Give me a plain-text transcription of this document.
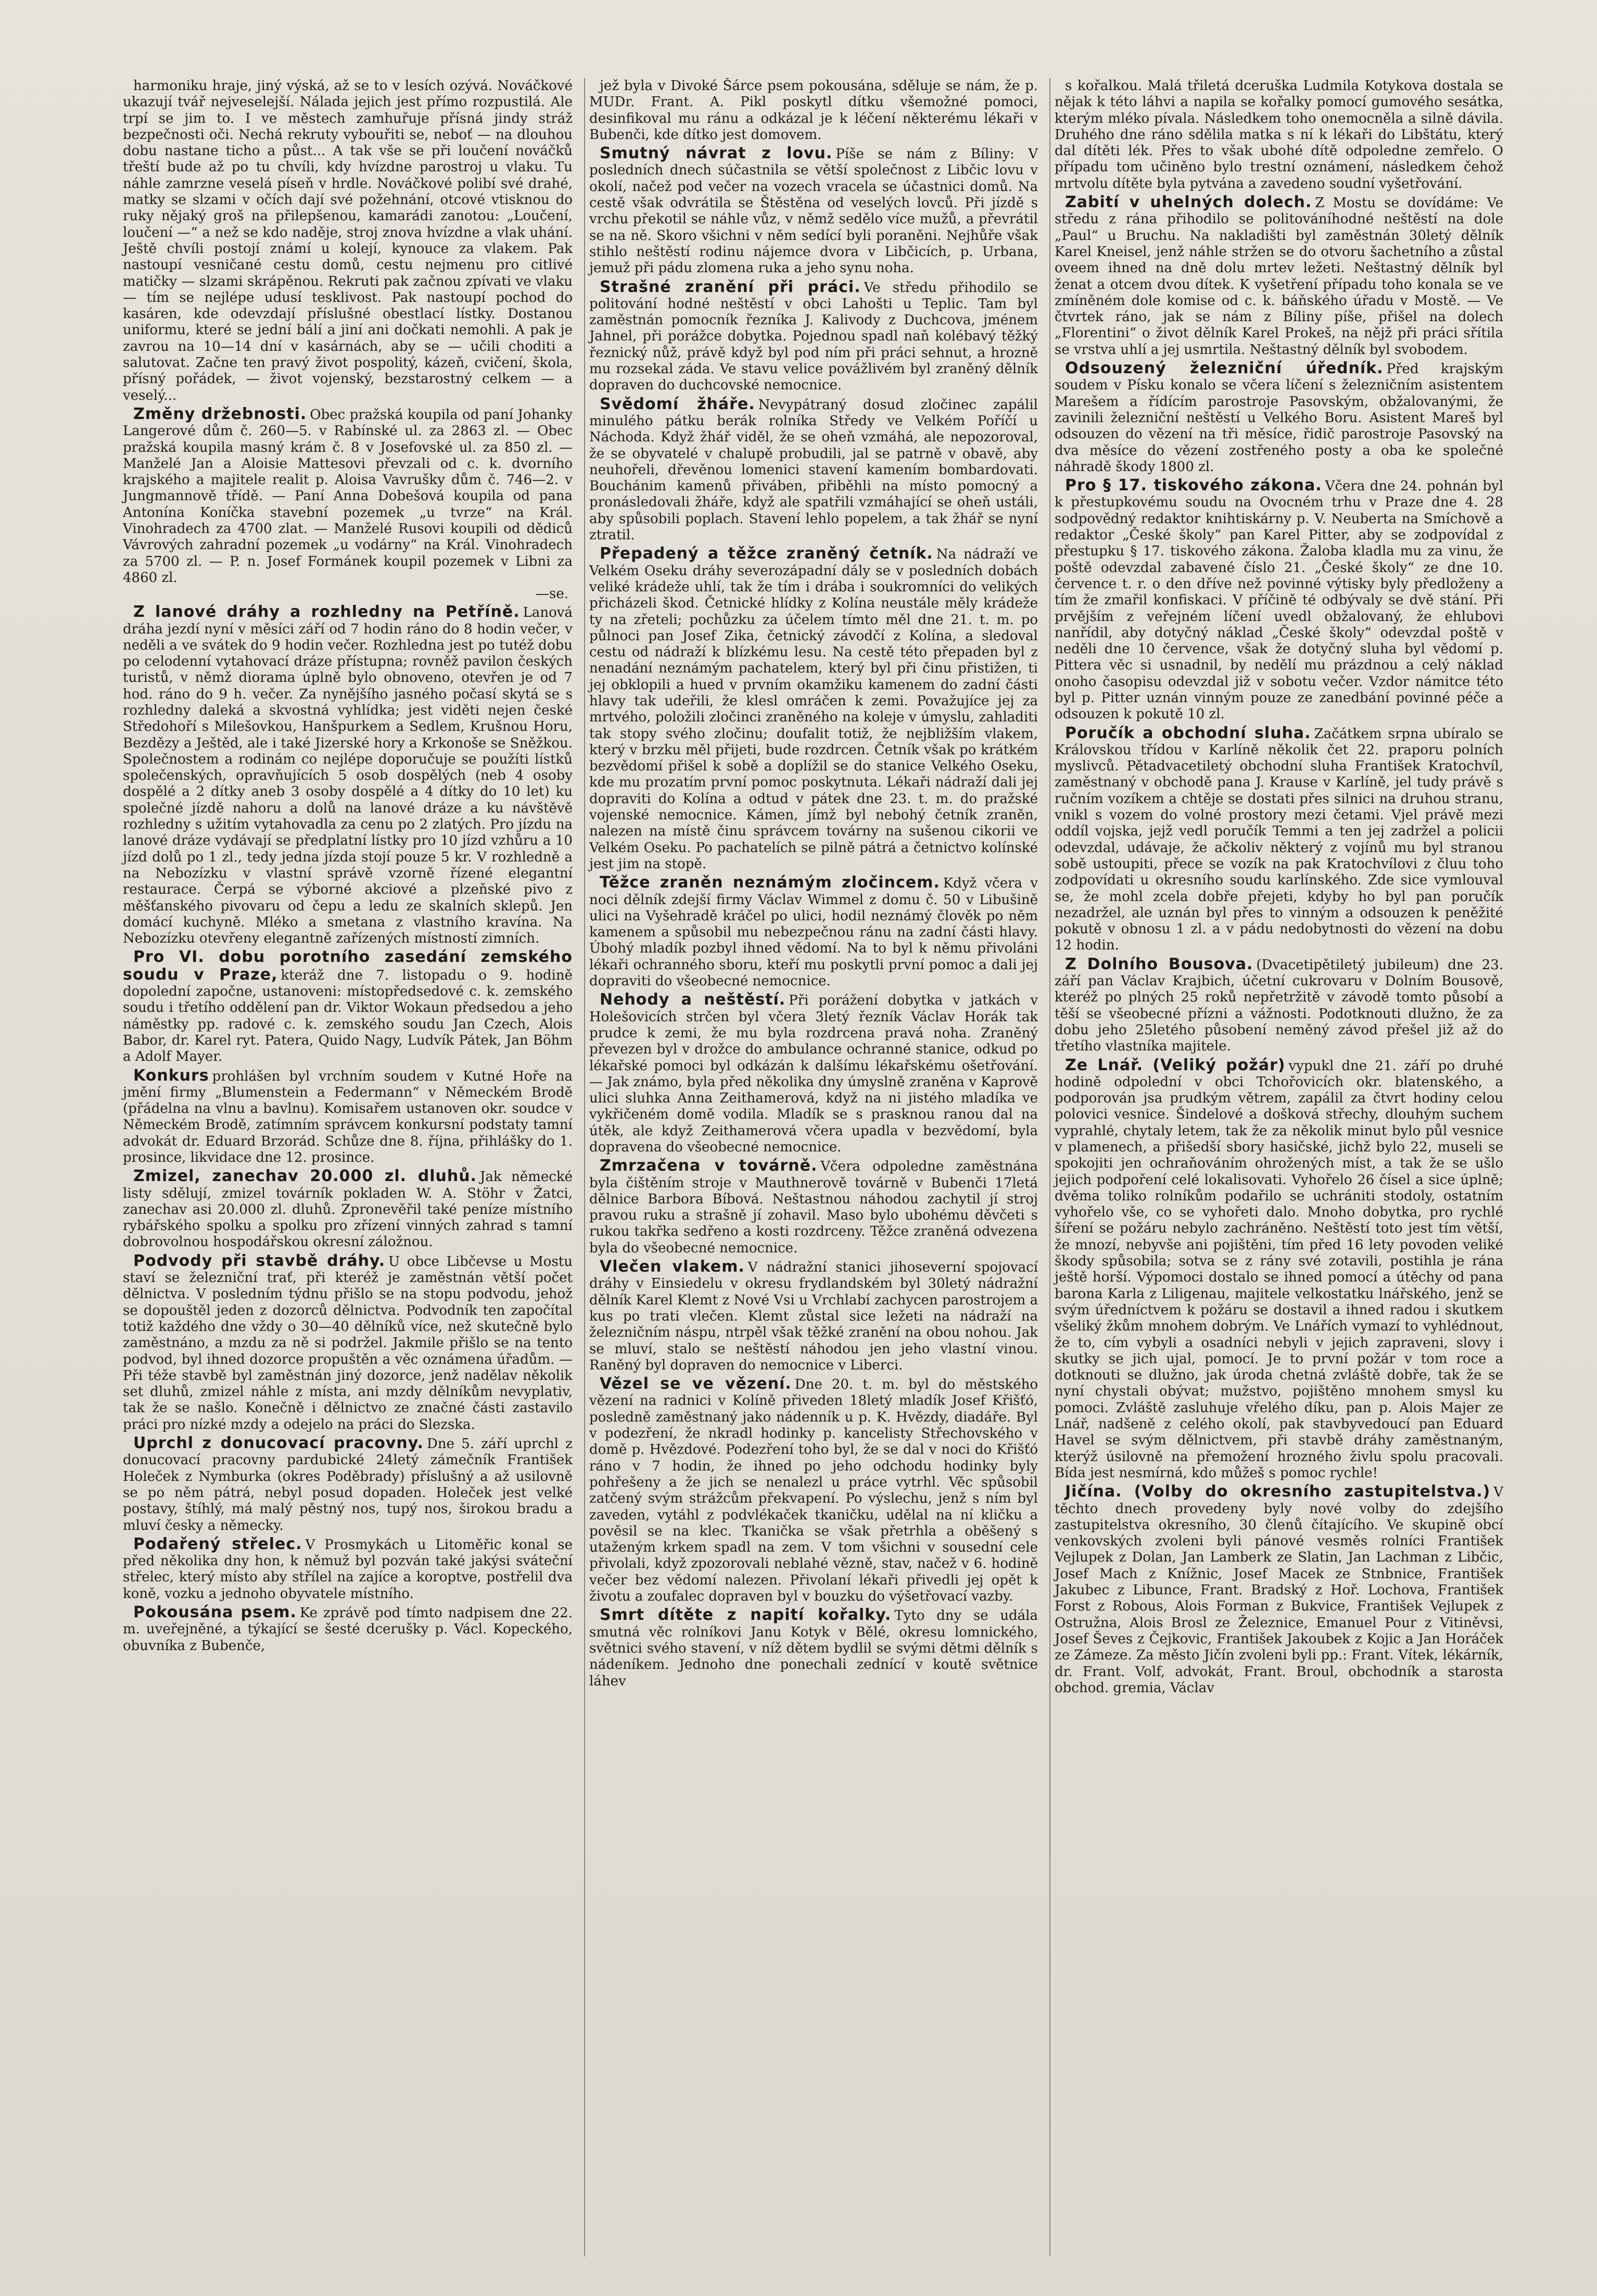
harmoniku hraje, jiný výská, až se to v lesích ozývá. Nováčkové ukazují tvář nejveselejší. Nálada jejich jest přímo rozpustilá. Ale trpí se jim to. I ve městech zamhuřuje přísná jindy stráž bezpečnosti oči. Nechá rekruty vybouřiti se, neboť — na dlouhou dobu nastane ticho a půst... A tak vše se při loučení nováčků třeští bude až po tu chvíli, kdy hvízdne parostroj u vlaku. Tu náhle zamrzne veselá píseň v hrdle. Nováčkové polibí své drahé, matky se slzami v očích dají své požehnání, otcové vtisknou do ruky nějaký groš na přilepšenou, kamarádi zanotou: „Loučení, loučení —“ a než se kdo naděje, stroj znova hvízdne a vlak uhání. Ještě chvíli postojí známí u kolejí, kynouce za vlakem. Pak nastoupí vesničané cestu domů, cestu nejmenu pro citlivé matičky — slzami skrápěnou. Rekruti pak začnou zpívati ve vlaku — tím se nejlépe udusí tesklivost. Pak nastoupí pochod do kasáren, kde odevzdají příslušné obestlací lístky. Dostanou uniformu, které se jední bálí a jiní ani dočkati nemohli. A pak je zavrou na 10—14 dní v kasárnách, aby se — učili choditi a salutovat. Začne ten pravý život pospolitý, kázeň, cvičení, škola, přísný pořádek, — život vojenský, bezstarostný celkem — a veselý...

Změny držebnosti. Obec pražská koupila od paní Johanky Langerové dům č. 260—5. v Rabínské ul. za 2863 zl. — Obec pražská koupila masný krám č. 8 v Josefovské ul. za 850 zl. — Manželé Jan a Aloisie Mattesovi převzali od c. k. dvorního krajského a majitele realit p. Aloisa Vavrušky dům č. 746—2. v Jungmannově třídě. — Paní Anna Dobešová koupila od pana Antonína Koníčka stavební pozemek „u tvrze“ na Král. Vinohradech za 4700 zlat. — Manželé Rusovi koupili od dědiců Vávrových zahradní pozemek „u vodárny“ na Král. Vinohradech za 5700 zl. — P. n. Josef Formánek koupil pozemek v Libni za 4860 zl.

—se.

Z lanové dráhy a rozhledny na Petříně. Lanová dráha jezdí nyní v měsíci září od 7 hodin ráno do 8 hodin večer, v neděli a ve svátek do 9 hodin večer. Rozhledna jest po tutéž dobu po celodenní vytahovací dráze přístupna; rovněž pavilon českých turistů, v němž diorama úplně bylo obnoveno, otevřen je od 7 hod. ráno do 9 h. večer. Za nynějšího jasného počasí skytá se s rozhledny daleká a skvostná vyhlídka; jest viděti nejen české Středohoří s Milešovkou, Hanšpurkem a Sedlem, Krušnou Horu, Bezdězy a Ještěd, ale i také Jizerské hory a Krkonoše se Sněžkou. Společnostem a rodinám co nejlépe doporučuje se použíti lístků společenských, opravňujících 5 osob dospělých (neb 4 osoby dospělé a 2 dítky aneb 3 osoby dospělé a 4 dítky do 10 let) ku společné jízdě nahoru a dolů na lanové dráze a ku návštěvě rozhledny s užitím vytahovadla za cenu po 2 zlatých. Pro jízdu na lanové dráze vydávají se předplatní lístky pro 10 jízd vzhůru a 10 jízd dolů po 1 zl., tedy jedna jízda stojí pouze 5 kr. V rozhledně a na Nebozízku v vlastní správě vzorně řízené elegantní restaurace. Čerpá se výborné akciové a plzeňské pivo z měšťanského pivovaru od čepu a ledu ze skalních sklepů. Jen domácí kuchyně. Mléko a smetana z vlastního kravína. Na Nebozízku otevřeny elegantně zařízených místností zimních.

Pro VI. dobu porotního zasedání zemského soudu v Praze, kteráž dne 7. listopadu o 9. hodině dopolední započne, ustanoveni: místopředsedové c. k. zemského soudu i třetího oddělení pan dr. Viktor Wokaun předsedou a jeho náměstky pp. radové c. k. zemského soudu Jan Czech, Alois Babor, dr. Karel ryt. Patera, Quido Nagy, Ludvík Pátek, Jan Böhm a Adolf Mayer.

Konkurs prohlášen byl vrchním soudem v Kutné Hoře na jmění firmy „Blumenstein a Federmann“ v Německém Brodě (přádelna na vlnu a bavlnu). Komisařem ustanoven okr. soudce v Německém Brodě, zatímním správcem konkursní podstaty tamní advokát dr. Eduard Brzorád. Schůze dne 8. října, přihlášky do 1. prosince, likvidace dne 12. prosince.

Zmizel, zanechav 20.000 zl. dluhů. Jak německé listy sdělují, zmizel továrník pokladen W. A. Stöhr v Žatci, zanechav asi 20.000 zl. dluhů. Zpronevěřil také peníze místního rybářského spolku a spolku pro zřízení vinných zahrad s tamní dobrovolnou hospodářskou okresní záložnou.

Podvody při stavbě dráhy. U obce Libčevse u Mostu staví se železniční trať, při kteréž je zaměstnán větší počet dělnictva. V posledním týdnu přišlo se na stopu podvodu, jehož se dopouštěl jeden z dozorců dělnictva. Podvodník ten započítal totiž každého dne vždy o 30—40 dělníků více, než skutečně bylo zaměstnáno, a mzdu za ně si podržel. Jakmile přišlo se na tento podvod, byl ihned dozorce propuštěn a věc oznámena úřadům. — Při téže stavbě byl zaměstnán jiný dozorce, jenž nadělav několik set dluhů, zmizel náhle z místa, ani mzdy dělníkům nevyplativ, tak že se našlo. Konečně i dělnictvo ze značné části zastavilo práci pro nízké mzdy a odejelo na práci do Slezska.

Uprchl z donucovací pracovny. Dne 5. září uprchl z donucovací pracovny pardubické 24letý zámečník František Holeček z Nymburka (okres Poděbrady) příslušný a až usilovně se po něm pátrá, nebyl posud dopaden. Holeček jest velké postavy, štíhlý, má malý pěstný nos, tupý nos, širokou bradu a mluví česky a německy.

Podařený střelec. V Prosmykách u Litoměřic konal se před několika dny hon, k němuž byl pozván také jakýsi sváteční střelec, který místo aby střílel na zajíce a koroptve, postřelil dva koně, vozku a jednoho obyvatele místního.

Pokousána psem. Ke zprávě pod tímto nadpisem dne 22. m. uveřejněné, a týkající se šesté dcerušky p. Václ. Kopeckého, obuvníka z Bubenče,

jež byla v Divoké Šárce psem pokousána, sděluje se nám, že p. MUDr. Frant. A. Pikl poskytl dítku všemožné pomoci, desinfikoval mu ránu a odkázal je k léčení některému lékaři v Bubenči, kde dítko jest domovem.

Smutný návrat z lovu. Píše se nám z Bíliny: V posledních dnech súčastnila se větší společnost z Libčic lovu v okolí, načež pod večer na vozech vracela se účastnici domů. Na cestě však odvrátila se Štěstěna od veselých lovců. Při jízdě s vrchu překotil se náhle vůz, v němž sedělo více mužů, a převrátil se na ně. Skoro všichni v něm sedící byli poraněni. Nejhůře však stihlo neštěstí rodinu nájemce dvora v Libčicích, p. Urbana, jemuž při pádu zlomena ruka a jeho synu noha.

Strašné zranění při práci. Ve středu přihodilo se politování hodné neštěstí v obci Lahošti u Teplic. Tam byl zaměstnán pomocník řezníka J. Kalivody z Duchcova, jménem Jahnel, při porážce dobytka. Pojednou spadl naň kolébavý těžký řeznický nůž, právě když byl pod ním při práci sehnut, a hrozně mu rozsekal záda. Ve stavu velice povážlivém byl zraněný dělník dopraven do duchcovské nemocnice.

Svědomí žháře. Nevypátraný dosud zločinec zapálil minulého pátku berák rolníka Středy ve Velkém Poříčí u Náchoda. Když žhář viděl, že se oheň vzmáhá, ale nepozoroval, že se obyvatelé v chalupě probudili, jal se patrně v obavě, aby neuhořeli, dřevěnou lomenici stavení kamením bombardovati. Bouchánim kamenů přiváben, přiběhli na místo pomocný a pronásledovali žháře, když ale spatřili vzmáhající se oheň ustáli, aby spůsobili poplach. Stavení lehlo popelem, a tak žhář se nyní ztratil.

Přepadený a těžce zraněný četník. Na nádraží ve Velkém Oseku dráhy severozápadní dály se v posledních dobách veliké krádeže uhlí, tak že tím i drába i soukromníci do velikých přicházeli škod. Četnické hlídky z Kolína neustále měly krádeže ty na zřeteli; pochůzku za účelem tímto měl dne 21. t. m. po půlnoci pan Josef Zika, četnický závodčí z Kolína, a sledoval cestu od nádraží k blízkému lesu. Na cestě této přepaden byl z nenadání neznámým pachatelem, který byl při činu přistižen, ti jej obklopili a hued v prvním okamžiku kamenem do zadní části hlavy tak udeřili, že klesl omráčen k zemi. Považujíce jej za mrtvého, položili zločinci zraněného na koleje v úmyslu, zahladiti tak stopy svého zločinu; doufalit totiž, že nejbližším vlakem, který v brzku měl přijeti, bude rozdrcen. Četník však po krátkém bezvědomí přišel k sobě a doplížil se do stanice Velkého Oseku, kde mu prozatím první pomoc poskytnuta. Lékaři nádraží dali jej dopraviti do Kolína a odtud v pátek dne 23. t. m. do pražské vojenské nemocnice. Kámen, jímž byl nebohý četník zraněn, nalezen na místě činu správcem továrny na sušenou cikorii ve Velkém Oseku. Po pachatelích se pilně pátrá a četnictvo kolínské jest jim na stopě.

Těžce zraněn neznámým zločincem. Když včera v noci dělník zdejší firmy Václav Wimmel z domu č. 50 v Libušině ulici na Vyšehradě kráčel po ulici, hodil neznámý člověk po něm kamenem a spůsobil mu nebezpečnou ránu na zadní části hlavy. Úbohý mladík pozbyl ihned vědomí. Na to byl k němu přivoláni lékaři ochranného sboru, kteří mu poskytli první pomoc a dali jej dopraviti do všeobecné nemocnice.

Nehody a neštěstí. Při porážení dobytka v jatkách v Holešovicích strčen byl včera 3letý řezník Václav Horák tak prudce k zemi, že mu byla rozdrcena pravá noha. Zraněný převezen byl v drožce do ambulance ochranné stanice, odkud po lékařské pomoci byl odkázán k dalšímu lékařskému ošetřování. — Jak známo, byla před několika dny úmyslně zraněna v Kaprově ulici sluhka Anna Zeithamerová, když na ni jistého mladíka ve vykřičeném domě vodila. Mladík se s prasknou ranou dal na útěk, ale když Zeithamerová včera upadla v bezvědomí, byla dopravena do všeobecné nemocnice.

Zmrzačena v továrně. Včera odpoledne zaměstnána byla čištěním stroje v Mauthnerově továrně v Bubenči 17letá dělnice Barbora Bíbová. Neštastnou náhodou zachytil jí stroj pravou ruku a strašně jí zohavil. Maso bylo ubohému děvčeti s rukou takřka sedřeno a kosti rozdrceny. Těžce zraněná odvezena byla do všeobecné nemocnice.

Vlečen vlakem. V nádražní stanici jihoseverní spojovací dráhy v Einsiedelu v okresu frydlandském byl 30letý nádražní dělník Karel Klemt z Nové Vsi u Vrchlabí zachycen parostrojem a kus po trati vlečen. Klemt zůstal sice ležeti na nádraží na železničním náspu, ntrpěl však těžké zranění na obou nohou. Jak se mluví, stalo se neštěstí náhodou jen jeho vlastní vinou. Raněný byl dopraven do nemocnice v Liberci.

Vězel se ve vězení. Dne 20. t. m. byl do městského vězení na radnici v Kolíně přiveden 18letý mladík Josef Křišťó, posledně zaměstnaný jako nádenník u p. K. Hvězdy, diadáře. Byl v podezření, že nkradl hodinky p. kancelisty Střechovského v domě p. Hvězdové. Podezření toho byl, že se dal v noci do Křišťó ráno v 7 hodin, že ihned po jeho odchodu hodinky byly pohřešeny a že jich se nenalezl u práce vytrhl. Věc spůsobil zatčený svým strážcům překvapení. Po výslechu, jenž s ním byl zaveden, vytáhl z podvlékaček tkaničku, udělal na ní kličku a pověsil se na klec. Tkanička se však přetrhla a oběšený s utaženým krkem spadl na zem. V tom všichni v sousední cele přivolali, když zpozorovali neblahé vězně, stav, načež v 6. hodině večer bez vědomí nalezen. Přivolaní lékaři přivedli jej opět k životu a zoufalec dopraven byl v bouzku do výšetřovací vazby.

Smrt dítěte z napití kořalky. Tyto dny se udála smutná věc rolníkovi Janu Kotyk v Bělé, okresu lomnického, světnici svého stavení, v níž dětem bydlil se svými dětmi dělník s nádeníkem. Jednoho dne ponechali zednící v koutě světnice láhev

s kořalkou. Malá třiletá dceruška Ludmila Kotykova dostala se nějak k této láhvi a napila se kořalky pomocí gumového sesátka, kterým mléko pívala. Následkem toho onemocněla a silně dávila. Druhého dne ráno sdělila matka s ní k lékaři do Libštátu, který dal dítěti lék. Přes to však ubohé dítě odpoledne zemřelo. O případu tom učiněno bylo trestní oznámení, následkem čehož mrtvolu dítěte byla pytvána a zavedeno soudní vyšetřování.

Zabití v uhelných dolech. Z Mostu se dovídáme: Ve středu z rána přihodilo se politováníhodné neštěstí na dole „Paul“ u Bruchu. Na nakladišti byl zaměstnán 30letý dělník Karel Kneisel, jenž náhle stržen se do otvoru šachetního a zůstal oveem ihned na dně dolu mrtev ležeti. Neštastný dělník byl ženat a otcem dvou dítek. K vyšetření případu toho konala se ve zmíněném dole komise od c. k. báňského úřadu v Mostě. — Ve čtvrtek ráno, jak se nám z Bíliny píše, přišel na dolech „Florentini“ o život dělník Karel Prokeš, na nějž při práci sřítila se vrstva uhlí a jej usmrtila. Neštastný dělník byl svobodem.

Odsouzený železniční úředník. Před krajským soudem v Písku konalo se včera líčení s železničním asistentem Marešem a řídícím parostroje Pasovským, obžalovanými, že zavinili železniční neštěstí u Velkého Boru. Asistent Mareš byl odsouzen do vězení na tři měsíce, řidič parostroje Pasovský na dva měsíce do vězení zostřeného posty a oba ke společné náhradě škody 1800 zl.

Pro § 17. tiskového zákona. Včera dne 24. pohnán byl k přestupkovému soudu na Ovocném trhu v Praze dne 4. 28 sodpovědný redaktor knihtiskárny p. V. Neuberta na Smíchově a redaktor „České školy“ pan Karel Pitter, aby se zodpovídal z přestupku § 17. tiskového zákona. Žaloba kladla mu za vinu, že poště odevzdal zabavené číslo 21. „České školy“ ze dne 10. července t. r. o den dříve než povinné výtisky byly předloženy a tím že zmařil konfiskaci. V příčině té odbývaly se dvě stání. Při prvějším z veřejném líčení uvedl obžalovaný, že ehlubovi nanřídil, aby dotyčný náklad „České školy“ odevzdal poště v neděli dne 10 července, však že dotyčný sluha byl vědomí p. Pittera věc si usnadnil, by nedělí mu prázdnou a celý náklad onoho časopisu odevzdal již v sobotu večer. Vzdor námitce této byl p. Pitter uznán vinným pouze ze zanedbání povinné péče a odsouzen k pokutě 10 zl.

Poručík a obchodní sluha. Začátkem srpna ubíralo se Královskou třídou v Karlíně několik čet 22. praporu polních myslivců. Pětadvacetiletý obchodní sluha František Kratochvíl, zaměstnaný v obchodě pana J. Krause v Karlíně, jel tudy právě s ručním vozíkem a chtěje se dostati přes silnici na druhou stranu, vnikl s vozem do volné prostory mezi četami. Vjel právě mezi oddíl vojska, jejž vedl poručík Temmi a ten jej zadržel a policii odevzdal, udávaje, že ačkoliv některý z vojínů mu byl stranou sobě ustoupiti, přece se vozík na pak Kratochvílovi z čluu toho zodpovídati u okresního soudu karlínského. Zde sice vymlouval se, že mohl zcela dobře přejeti, kdyby ho byl pan poručík nezadržel, ale uznán byl přes to vinným a odsouzen k peněžité pokutě v obnosu 1 zl. a v pádu nedobytnosti do vězení na dobu 12 hodin.

Z Dolního Bousova. (Dvacetipětiletý jubileum) dne 23. září pan Václav Krajbich, účetní cukrovaru v Dolním Bousově, kteréž po plných 25 roků nepřetržitě v závodě tomto působí a těší se všeobecné přízni a vážnosti. Podotknouti dlužno, že za dobu jeho 25letého působení neměný závod přešel již až do třetího vlastníka majitele.

Ze Lnář. (Veliký požár) vypukl dne 21. září po druhé hodině odpolední v obci Tchořovicích okr. blatenského, a podporován jsa prudkým větrem, zapálil za čtvrt hodiny celou polovici vesnice. Šindelové a došková střechy, dlouhým suchem vyprahlé, chytaly letem, tak že za několik minut bylo půl vesnice v plamenech, a přišedší sbory hasičské, jichž bylo 22, museli se spokojiti jen ochraňováním ohrožených míst, a tak že se ušlo jejich podpoření celé lokalisovati. Vyhořelo 26 čísel a sice úplně; dvěma toliko rolníkům podařilo se uchrániti stodoly, ostatním vyhořelo vše, co se vyhořeti dalo. Mnoho dobytka, pro rychlé šíření se požáru nebylo zachráněno. Neštěstí toto jest tím větší, že mnozí, nebyvše ani pojištěni, tím před 16 lety povoden veliké škody spůsobila; sotva se z rány své zotavili, postihla je rána ještě horší. Výpomoci dostalo se ihned pomocí a útěchy od pana barona Karla z Liligenau, majitele velkostatku lnářského, jenž se svým úředníctvem k požáru se dostavil a ihned radou i skutkem všeliký žkům mnohem dobrým. Ve Lnářích vymazí to vyhlédnout, že to, cím vybyli a osadníci nebyli v jejich zapraveni, slovy i skutky se jich ujal, pomocí. Je to první požár v tom roce a dotknouti se dlužno, jak úroda chetná zvláště dobře, tak že se nyní chystali obývat; mužstvo, pojištěno mnohem smysl ku pomoci. Zvláště zasluhuje vřelého díku, pan p. Alois Majer ze Lnář, nadšeně z celého okolí, pak stavbyvedoucí pan Eduard Havel se svým dělnictvem, při stavbě dráhy zaměstnaným, kterýž úsilovně na přemožení hrozného živlu spolu pracovali. Bída jest nesmírná, kdo můžeš s pomoc rychle!

Jičína. (Volby do okresního zastupitelstva.) V těchto dnech provedeny byly nové volby do zdejšího zastupitelstva okresního, 30 členů čítajícího. Ve skupině obcí venkovských zvoleni byli pánové vesměs rolníci František Vejlupek z Dolan, Jan Lamberk ze Slatin, Jan Lachman z Libčic, Josef Mach z Knížnic, Josef Macek ze Stnbnice, František Jakubec z Libunce, Frant. Bradský z Hoř. Lochova, František Forst z Robous, Alois Forman z Bukvice, František Vejlupek z Ostružna, Alois Brosl ze Železnice, Emanuel Pour z Vitiněvsi, Josef Ševes z Čejkovic, František Jakoubek z Kojic a Jan Horáček ze Zámeze. Za město Jičín zvoleni byli pp.: Frant. Vítek, lékárník, dr. Frant. Volf, advokát, Frant. Broul, obchodník a starosta obchod. gremia, Václav
